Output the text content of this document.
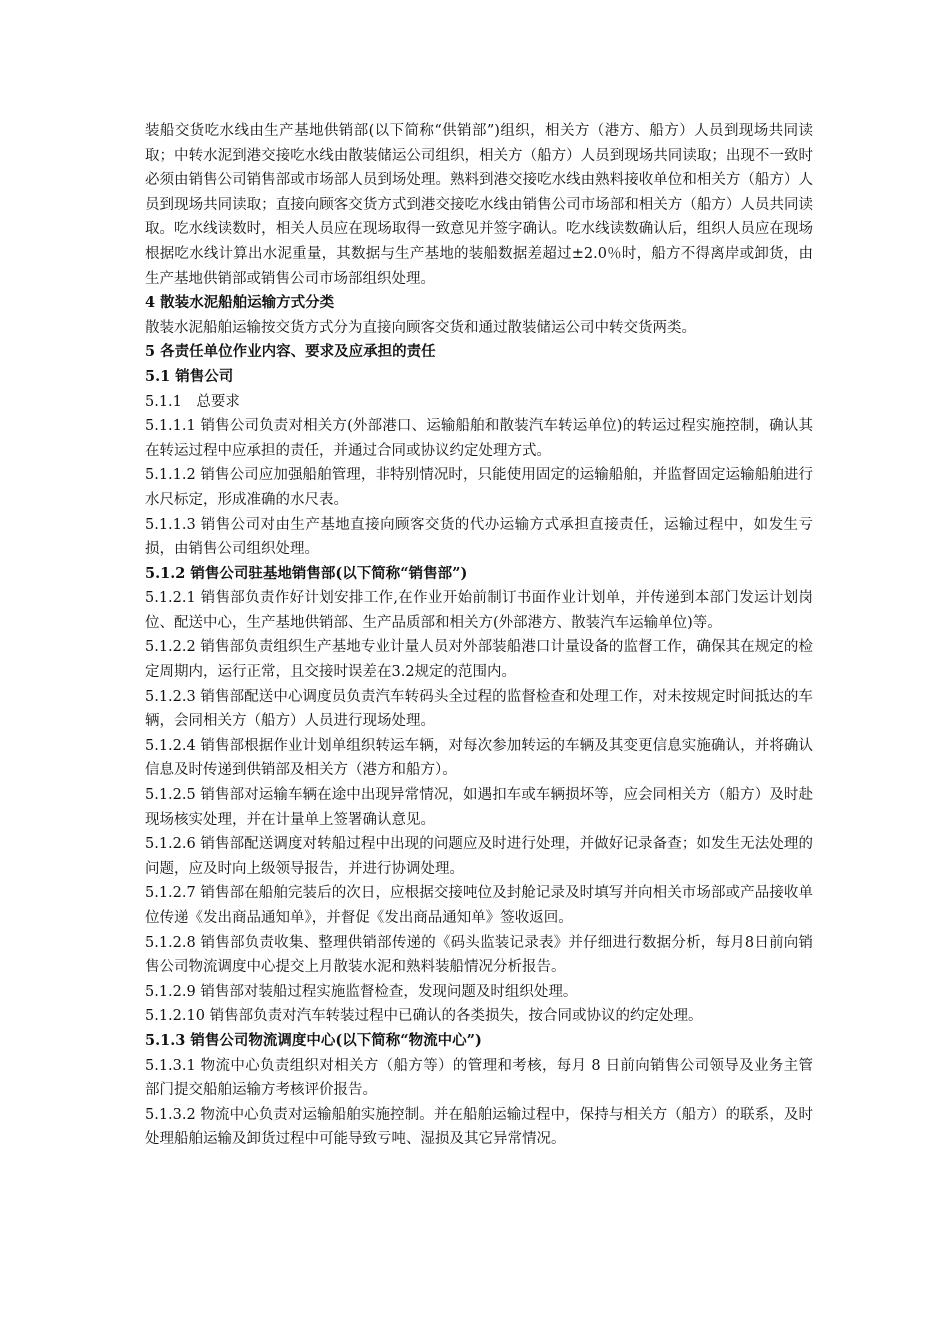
装船交货吃水线由生产基地供销部(以下简称“供销部”)组织，相关方（港方、船方）人员到现场共同读取；中转水泥到港交接吃水线由散装储运公司组织，相关方（船方）人员到现场共同读取；出现不一致时必须由销售公司销售部或市场部人员到场处理。熟料到港交接吃水线由熟料接收单位和相关方（船方）人员到现场共同读取；直接向顾客交货方式到港交接吃水线由销售公司市场部和相关方（船方）人员共同读取。吃水线读数时，相关人员应在现场取得一致意见并签字确认。吃水线读数确认后，组织人员应在现场根据吃水线计算出水泥重量，其数据与生产基地的装船数据差超过±2.0％时，船方不得离岸或卸货，由生产基地供销部或销售公司市场部组织处理。

4 散装水泥船舶运输方式分类

散装水泥船舶运输按交货方式分为直接向顾客交货和通过散装储运公司中转交货两类。

5 各责任单位作业内容、要求及应承担的责任

5.1 销售公司

5.1.1　总要求

5.1.1.1 销售公司负责对相关方(外部港口、运输船舶和散装汽车转运单位)的转运过程实施控制，确认其在转运过程中应承担的责任，并通过合同或协议约定处理方式。

5.1.1.2 销售公司应加强船舶管理，非特别情况时，只能使用固定的运输船舶，并监督固定运输船舶进行水尺标定，形成准确的水尺表。

5.1.1.3 销售公司对由生产基地直接向顾客交货的代办运输方式承担直接责任，运输过程中，如发生亏损，由销售公司组织处理。

5.1.2 销售公司驻基地销售部(以下简称“销售部”)

5.1.2.1 销售部负责作好计划安排工作,在作业开始前制订书面作业计划单，并传递到本部门发运计划岗位、配送中心，生产基地供销部、生产品质部和相关方(外部港方、散装汽车运输单位)等。

5.1.2.2 销售部负责组织生产基地专业计量人员对外部装船港口计量设备的监督工作，确保其在规定的检定周期内，运行正常，且交接时误差在3.2规定的范围内。

5.1.2.3 销售部配送中心调度员负责汽车转码头全过程的监督检查和处理工作，对未按规定时间抵达的车辆，会同相关方（船方）人员进行现场处理。

5.1.2.4 销售部根据作业计划单组织转运车辆，对每次参加转运的车辆及其变更信息实施确认，并将确认信息及时传递到供销部及相关方（港方和船方）。

5.1.2.5 销售部对运输车辆在途中出现异常情况，如遇扣车或车辆损坏等，应会同相关方（船方）及时赴现场核实处理，并在计量单上签署确认意见。

5.1.2.6 销售部配送调度对转船过程中出现的问题应及时进行处理，并做好记录备查；如发生无法处理的问题，应及时向上级领导报告，并进行协调处理。

5.1.2.7 销售部在船舶完装后的次日，应根据交接吨位及封舱记录及时填写并向相关市场部或产品接收单位传递《发出商品通知单》，并督促《发出商品通知单》签收返回。

5.1.2.8 销售部负责收集、整理供销部传递的《码头监装记录表》并仔细进行数据分析，每月8日前向销售公司物流调度中心提交上月散装水泥和熟料装船情况分析报告。

5.1.2.9 销售部对装船过程实施监督检查，发现问题及时组织处理。

5.1.2.10 销售部负责对汽车转装过程中已确认的各类损失，按合同或协议的约定处理。

5.1.3 销售公司物流调度中心(以下简称“物流中心”)

5.1.3.1 物流中心负责组织对相关方（船方等）的管理和考核，每月 8 日前向销售公司领导及业务主管部门提交船舶运输方考核评价报告。

5.1.3.2 物流中心负责对运输船舶实施控制。并在船舶运输过程中，保持与相关方（船方）的联系，及时处理船舶运输及卸货过程中可能导致亏吨、湿损及其它异常情况。
